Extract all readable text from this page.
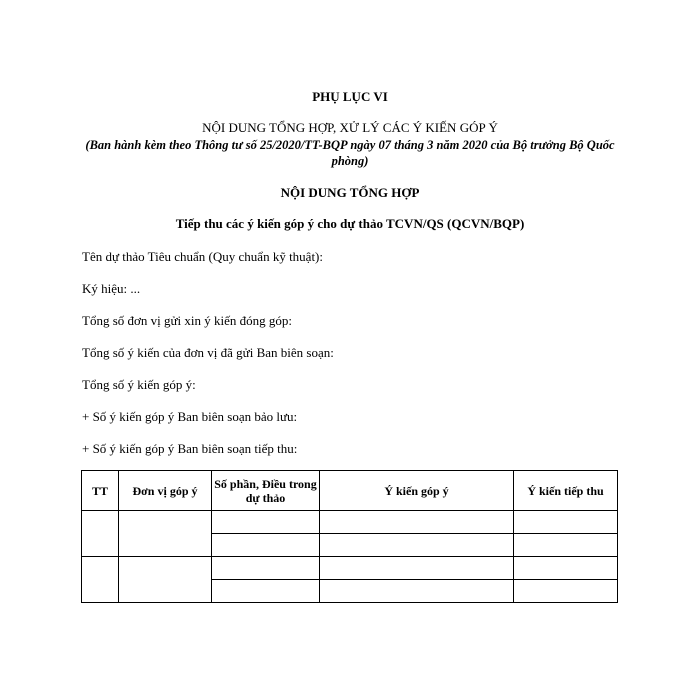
PHỤ LỤC VI
NỘI DUNG TỔNG HỢP, XỬ LÝ CÁC Ý KIẾN GÓP Ý
(Ban hành kèm theo Thông tư số 25/2020/TT-BQP ngày 07 tháng 3 năm 2020 của Bộ trưởng Bộ Quốc phòng)
NỘI DUNG TỔNG HỢP
Tiếp thu các ý kiến góp ý cho dự thảo TCVN/QS (QCVN/BQP)
Tên dự thảo Tiêu chuẩn (Quy chuẩn kỹ thuật):
Ký hiệu: ...
Tổng số đơn vị gửi xin ý kiến đóng góp:
Tổng số ý kiến của đơn vị đã gửi Ban biên soạn:
Tổng số ý kiến góp ý:
+ Số ý kiến góp ý Ban biên soạn bảo lưu:
+ Số ý kiến góp ý Ban biên soạn tiếp thu:
TT	Đơn vị góp ý	Số phần, Điều trong dự thảo	Ý kiến góp ý	Ý kiến tiếp thu
